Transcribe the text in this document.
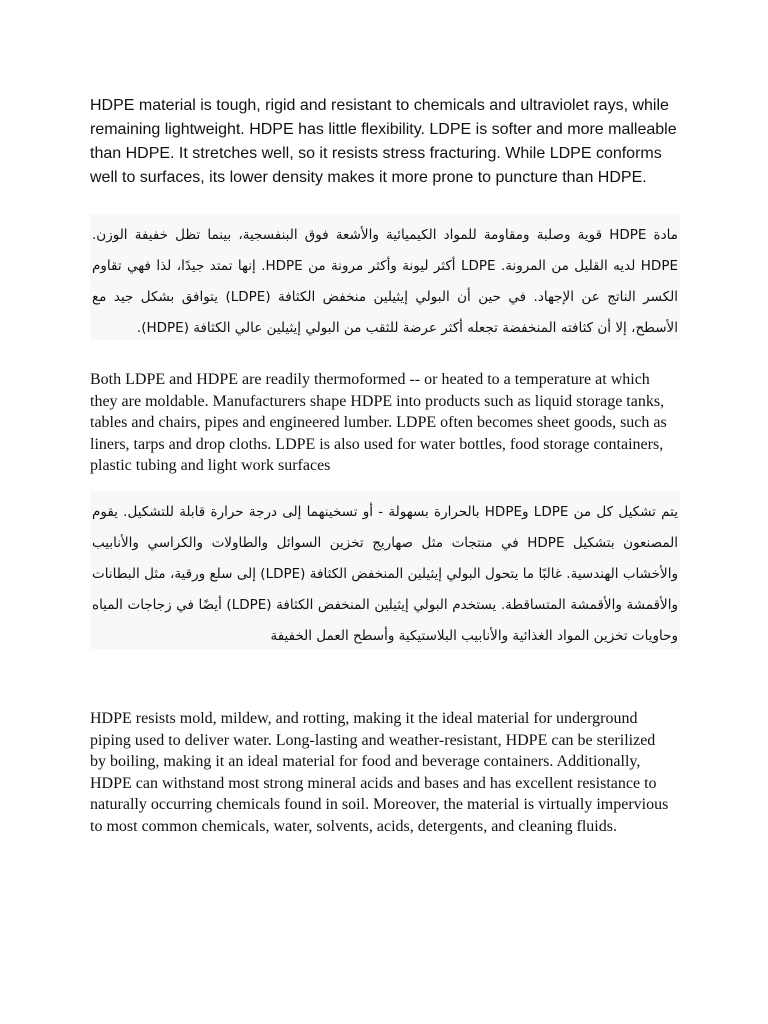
HDPE material is tough, rigid and resistant to chemicals and ultraviolet rays, while remaining lightweight. HDPE has little flexibility. LDPE is softer and more malleable than HDPE. It stretches well, so it resists stress fracturing. While LDPE conforms well to surfaces, its lower density makes it more prone to puncture than HDPE.

مادة HDPE قوية وصلبة ومقاومة للمواد الكيميائية والأشعة فوق البنفسجية، بينما تظل خفيفة الوزن. HDPE لديه القليل من المرونة. LDPE أكثر ليونة وأكثر مرونة من HDPE. إنها تمتد جيدًا، لذا فهي تقاوم الكسر الناتج عن الإجهاد. في حين أن البولي إيثيلين منخفض الكثافة (LDPE) يتوافق بشكل جيد مع الأسطح، إلا أن كثافته المنخفضة تجعله أكثر عرضة للثقب من البولي إيثيلين عالي الكثافة (HDPE).

Both LDPE and HDPE are readily thermoformed -- or heated to a temperature at which they are moldable. Manufacturers shape HDPE into products such as liquid storage tanks, tables and chairs, pipes and engineered lumber. LDPE often becomes sheet goods, such as liners, tarps and drop cloths. LDPE is also used for water bottles, food storage containers, plastic tubing and light work surfaces

يتم تشكيل كل من LDPE وHDPE بالحرارة بسهولة - أو تسخينهما إلى درجة حرارة قابلة للتشكيل. يقوم المصنعون بتشكيل HDPE في منتجات مثل صهاريج تخزين السوائل والطاولات والكراسي والأنابيب والأخشاب الهندسية. غالبًا ما يتحول البولي إيثيلين المنخفض الكثافة (LDPE) إلى سلع ورقية، مثل البطانات والأقمشة والأقمشة المتساقطة. يستخدم البولي إيثيلين المنخفض الكثافة (LDPE) أيضًا في زجاجات المياه وحاويات تخزين المواد الغذائية والأنابيب البلاستيكية وأسطح العمل الخفيفة

HDPE resists mold, mildew, and rotting, making it the ideal material for underground piping used to deliver water. Long-lasting and weather-resistant, HDPE can be sterilized by boiling, making it an ideal material for food and beverage containers. Additionally, HDPE can withstand most strong mineral acids and bases and has excellent resistance to naturally occurring chemicals found in soil. Moreover, the material is virtually impervious to most common chemicals, water, solvents, acids, detergents, and cleaning fluids.
